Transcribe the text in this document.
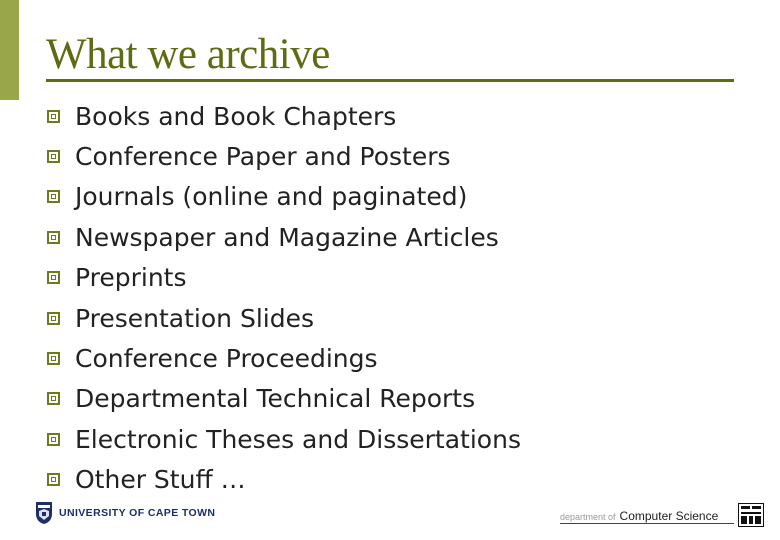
What we archive
Books and Book Chapters
Conference Paper and Posters
Journals (online and paginated)
Newspaper and Magazine Articles
Preprints
Presentation Slides
Conference Proceedings
Departmental Technical Reports
Electronic Theses and Dissertations
Other Stuff …
UNIVERSITY OF CAPE TOWN	department of Computer Science
